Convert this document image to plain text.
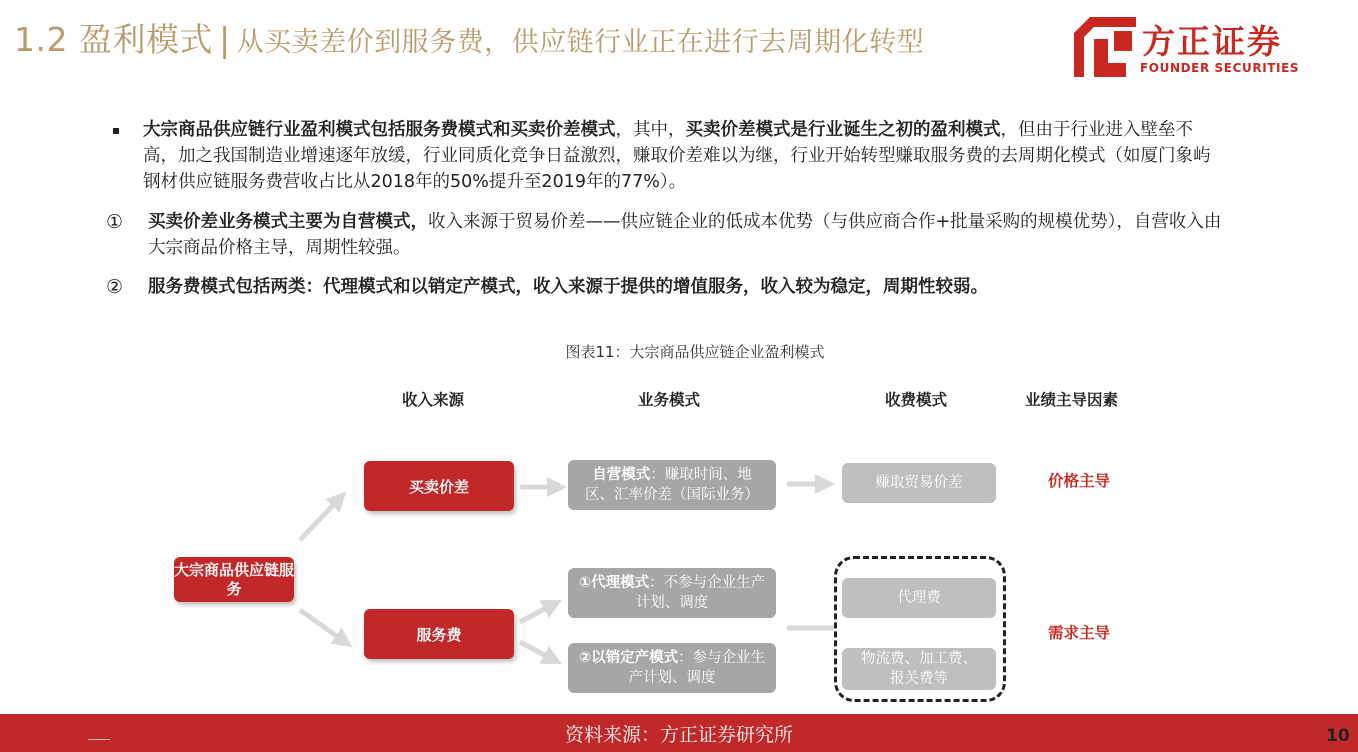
1.2 盈利模式 | 从买卖差价到服务费，供应链行业正在进行去周期化转型	方正证券
FOUNDER SECURITIES
大宗商品供应链行业盈利模式包括服务费模式和买卖价差模式，其中，买卖价差模式是行业诞生之初的盈利模式，但由于行业进入壁垒不高，加之我国制造业增速逐年放缓，行业同质化竞争日益激烈，赚取价差难以为继，行业开始转型赚取服务费的去周期化模式（如厦门象屿钢材供应链服务费营收占比从2018年的50%提升至2019年的77%）。
① 买卖价差业务模式主要为自营模式，收入来源于贸易价差——供应链企业的低成本优势（与供应商合作+批量采购的规模优势），自营收入由大宗商品价格主导，周期性较强。
② 服务费模式包括两类：代理模式和以销定产模式，收入来源于提供的增值服务，收入较为稳定，周期性较弱。
图表11：大宗商品供应链企业盈利模式
收入来源	业务模式	收费模式	业绩主导因素
大宗商品供应链服务
买卖价差
服务费
自营模式：赚取时间、地区、汇率价差（国际业务）
①代理模式：不参与企业生产计划、调度
②以销定产模式：参与企业生产计划、调度
赚取贸易价差
代理费
物流费、加工费、报关费等
价格主导
需求主导
资料来源：方正证券研究所	10
